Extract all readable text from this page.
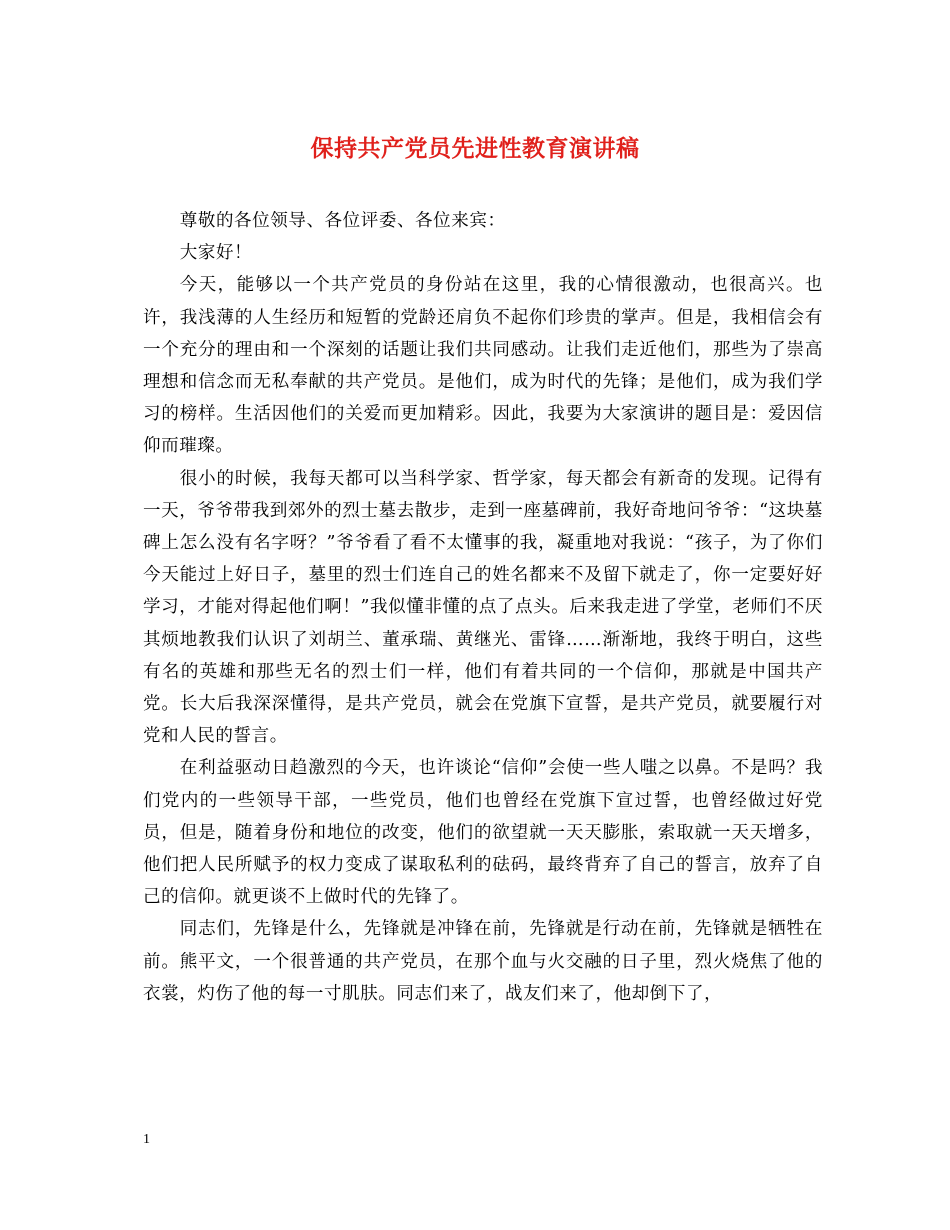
保持共产党员先进性教育演讲稿

尊敬的各位领导、各位评委、各位来宾：

大家好！

今天，能够以一个共产党员的身份站在这里，我的心情很激动，也很高兴。也许，我浅薄的人生经历和短暂的党龄还肩负不起你们珍贵的掌声。但是，我相信会有一个充分的理由和一个深刻的话题让我们共同感动。让我们走近他们，那些为了崇高理想和信念而无私奉献的共产党员。是他们，成为时代的先锋；是他们，成为我们学习的榜样。生活因他们的关爱而更加精彩。因此，我要为大家演讲的题目是：爱因信仰而璀璨。

很小的时候，我每天都可以当科学家、哲学家，每天都会有新奇的发现。记得有一天，爷爷带我到郊外的烈士墓去散步，走到一座墓碑前，我好奇地问爷爷：“这块墓碑上怎么没有名字呀？”爷爷看了看不太懂事的我，凝重地对我说：“孩子，为了你们今天能过上好日子，墓里的烈士们连自己的姓名都来不及留下就走了，你一定要好好学习，才能对得起他们啊！”我似懂非懂的点了点头。后来我走进了学堂，老师们不厌其烦地教我们认识了刘胡兰、董承瑞、黄继光、雷锋……渐渐地，我终于明白，这些有名的英雄和那些无名的烈士们一样，他们有着共同的一个信仰，那就是中国共产党。长大后我深深懂得，是共产党员，就会在党旗下宣誓，是共产党员，就要履行对党和人民的誓言。

在利益驱动日趋激烈的今天，也许谈论“信仰”会使一些人嗤之以鼻。不是吗？我们党内的一些领导干部，一些党员，他们也曾经在党旗下宣过誓，也曾经做过好党员，但是，随着身份和地位的改变，他们的欲望就一天天膨胀，索取就一天天增多，他们把人民所赋予的权力变成了谋取私利的砝码，最终背弃了自己的誓言，放弃了自己的信仰。就更谈不上做时代的先锋了。

同志们，先锋是什么，先锋就是冲锋在前，先锋就是行动在前，先锋就是牺牲在前。熊平文，一个很普通的共产党员，在那个血与火交融的日子里，烈火烧焦了他的衣裳，灼伤了他的每一寸肌肤。同志们来了，战友们来了，他却倒下了，

1
